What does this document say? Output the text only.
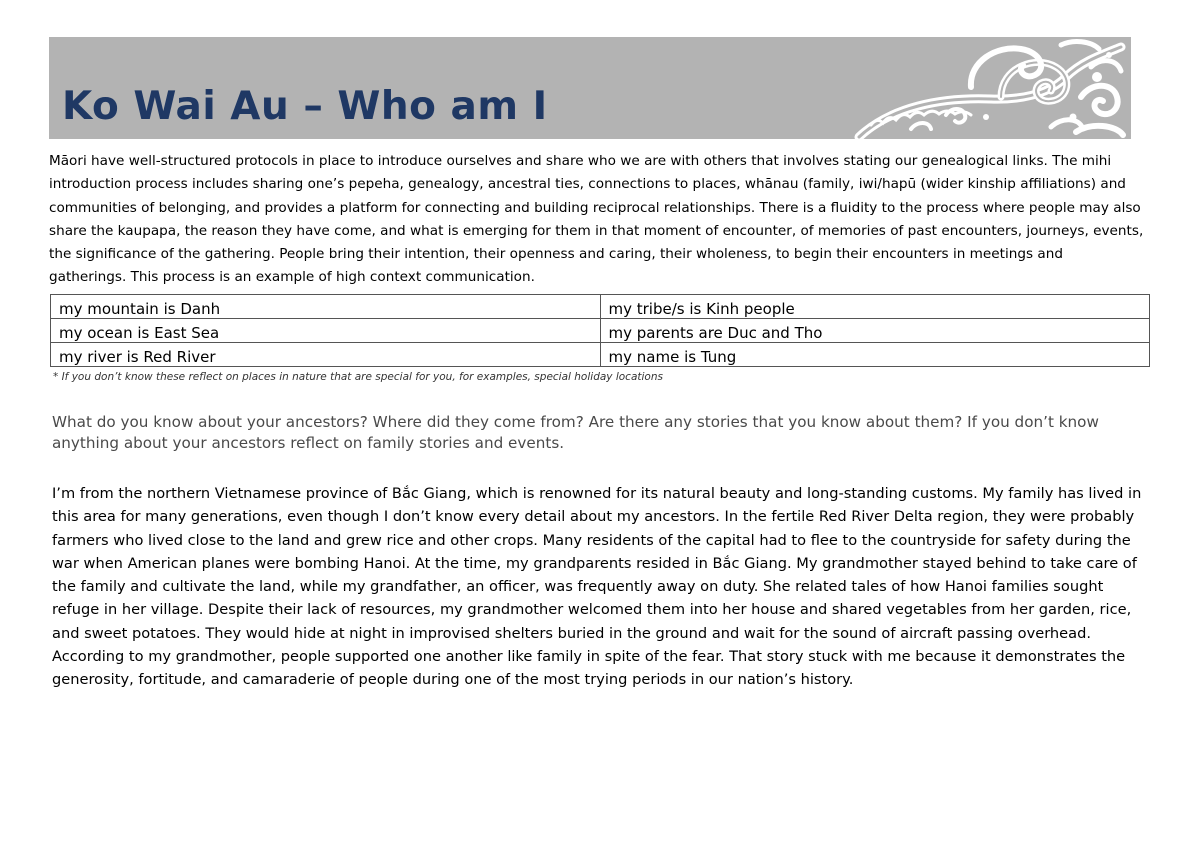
Ko Wai Au – Who am I

Māori have well-structured protocols in place to introduce ourselves and share who we are with others that involves stating our genealogical links. The mihi introduction process includes sharing one’s pepeha, genealogy, ancestral ties, connections to places, whānau (family, iwi/hapū (wider kinship affiliations) and communities of belonging, and provides a platform for connecting and building reciprocal relationships. There is a fluidity to the process where people may also share the kaupapa, the reason they have come, and what is emerging for them in that moment of encounter, of memories of past encounters, journeys, events, the significance of the gathering. People bring their intention, their openness and caring, their wholeness, to begin their encounters in meetings and gatherings. This process is an example of high context communication.

my mountain is Danh	my tribe/s is Kinh people
my ocean is East Sea	my parents are Duc and Tho
my river is Red River	my name is Tung

* If you don’t know these reflect on places in nature that are special for you, for examples, special holiday locations

What do you know about your ancestors? Where did they come from? Are there any stories that you know about them? If you don’t know anything about your ancestors reflect on family stories and events.

I’m from the northern Vietnamese province of Bắc Giang, which is renowned for its natural beauty and long-standing customs. My family has lived in this area for many generations, even though I don’t know every detail about my ancestors. In the fertile Red River Delta region, they were probably farmers who lived close to the land and grew rice and other crops. Many residents of the capital had to flee to the countryside for safety during the war when American planes were bombing Hanoi. At the time, my grandparents resided in Bắc Giang. My grandmother stayed behind to take care of the family and cultivate the land, while my grandfather, an officer, was frequently away on duty. She related tales of how Hanoi families sought refuge in her village. Despite their lack of resources, my grandmother welcomed them into her house and shared vegetables from her garden, rice, and sweet potatoes. They would hide at night in improvised shelters buried in the ground and wait for the sound of aircraft passing overhead. According to my grandmother, people supported one another like family in spite of the fear. That story stuck with me because it demonstrates the generosity, fortitude, and camaraderie of people during one of the most trying periods in our nation’s history.
